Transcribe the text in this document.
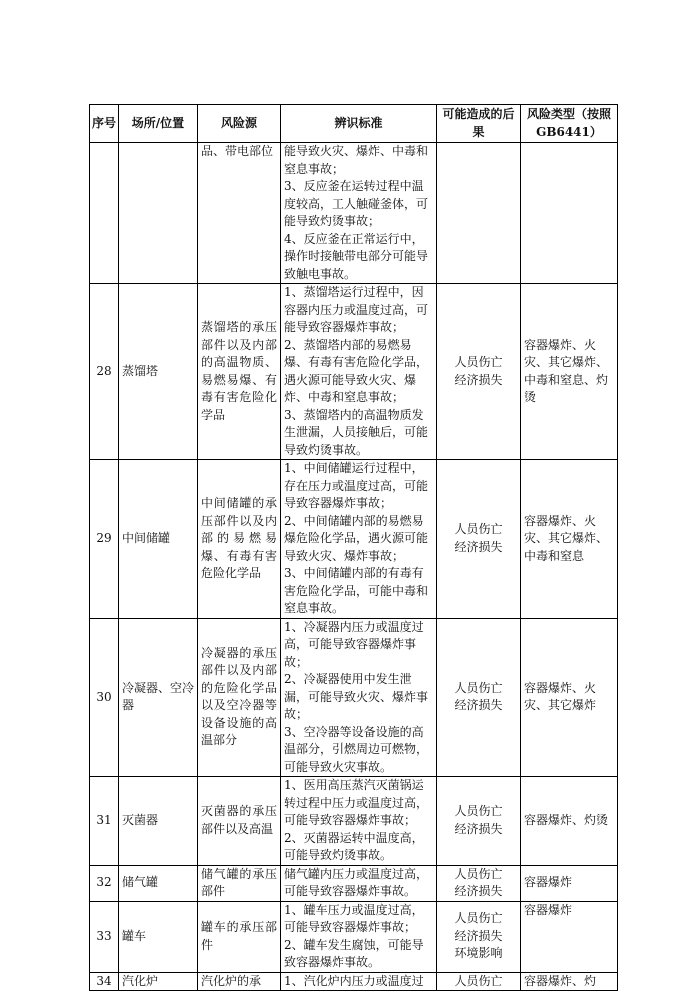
序号	场所/位置	风险源	辨识标准	可能造成的后果	风险类型（按照GB6441）
		品、带电部位	能导致火灾、爆炸、中毒和窒息事故；
3、反应釜在运转过程中温度较高，工人触碰釜体，可能导致灼烫事故；
4、反应釜在正常运行中，操作时接触带电部分可能导致触电事故。		

28	蒸馏塔	蒸馏塔的承压部件以及内部的高温物质、易燃易爆、有毒有害危险化学品	1、蒸馏塔运行过程中，因容器内压力或温度过高，可能导致容器爆炸事故；
2、蒸馏塔内部的易燃易爆、有毒有害危险化学品，遇火源可能导致火灾、爆炸、中毒和窒息事故；
3、蒸馏塔内的高温物质发生泄漏，人员接触后，可能导致灼烫事故。	人员伤亡
经济损失	容器爆炸、火灾、其它爆炸、中毒和窒息、灼烫
29	中间储罐	中间储罐的承压部件以及内部的易燃易爆、有毒有害危险化学品	1、中间储罐运行过程中，存在压力或温度过高，可能导致容器爆炸事故；
2、中间储罐内部的易燃易爆危险化学品，遇火源可能导致火灾、爆炸事故；
3、中间储罐内部的有毒有害危险化学品，可能中毒和窒息事故。	人员伤亡
经济损失	容器爆炸、火灾、其它爆炸、中毒和窒息
30	冷凝器、空冷器	冷凝器的承压部件以及内部的危险化学品以及空冷器等设备设施的高温部分	1、冷凝器内压力或温度过高，可能导致容器爆炸事故；
2、冷凝器使用中发生泄漏，可能导致火灾、爆炸事故；
3、空冷器等设备设施的高温部分，引燃周边可燃物，可能导致火灾事故。	人员伤亡
经济损失	容器爆炸、火灾、其它爆炸
31	灭菌器	灭菌器的承压部件以及高温	1、医用高压蒸汽灭菌锅运转过程中压力或温度过高，可能导致容器爆炸事故；
2、灭菌器运转中温度高，可能导致灼烫事故。	人员伤亡
经济损失	容器爆炸、灼烫
32	储气罐	储气罐的承压部件	储气罐内压力或温度过高，可能导致容器爆炸事故。	人员伤亡
经济损失	容器爆炸
33	罐车	罐车的承压部件	1、罐车压力或温度过高，可能导致容器爆炸事故；
2、罐车发生腐蚀，可能导致容器爆炸事故。	人员伤亡
经济损失
环境影响	容器爆炸
34	汽化炉	汽化炉的承	1、汽化炉内压力或温度过	人员伤亡	容器爆炸、灼
